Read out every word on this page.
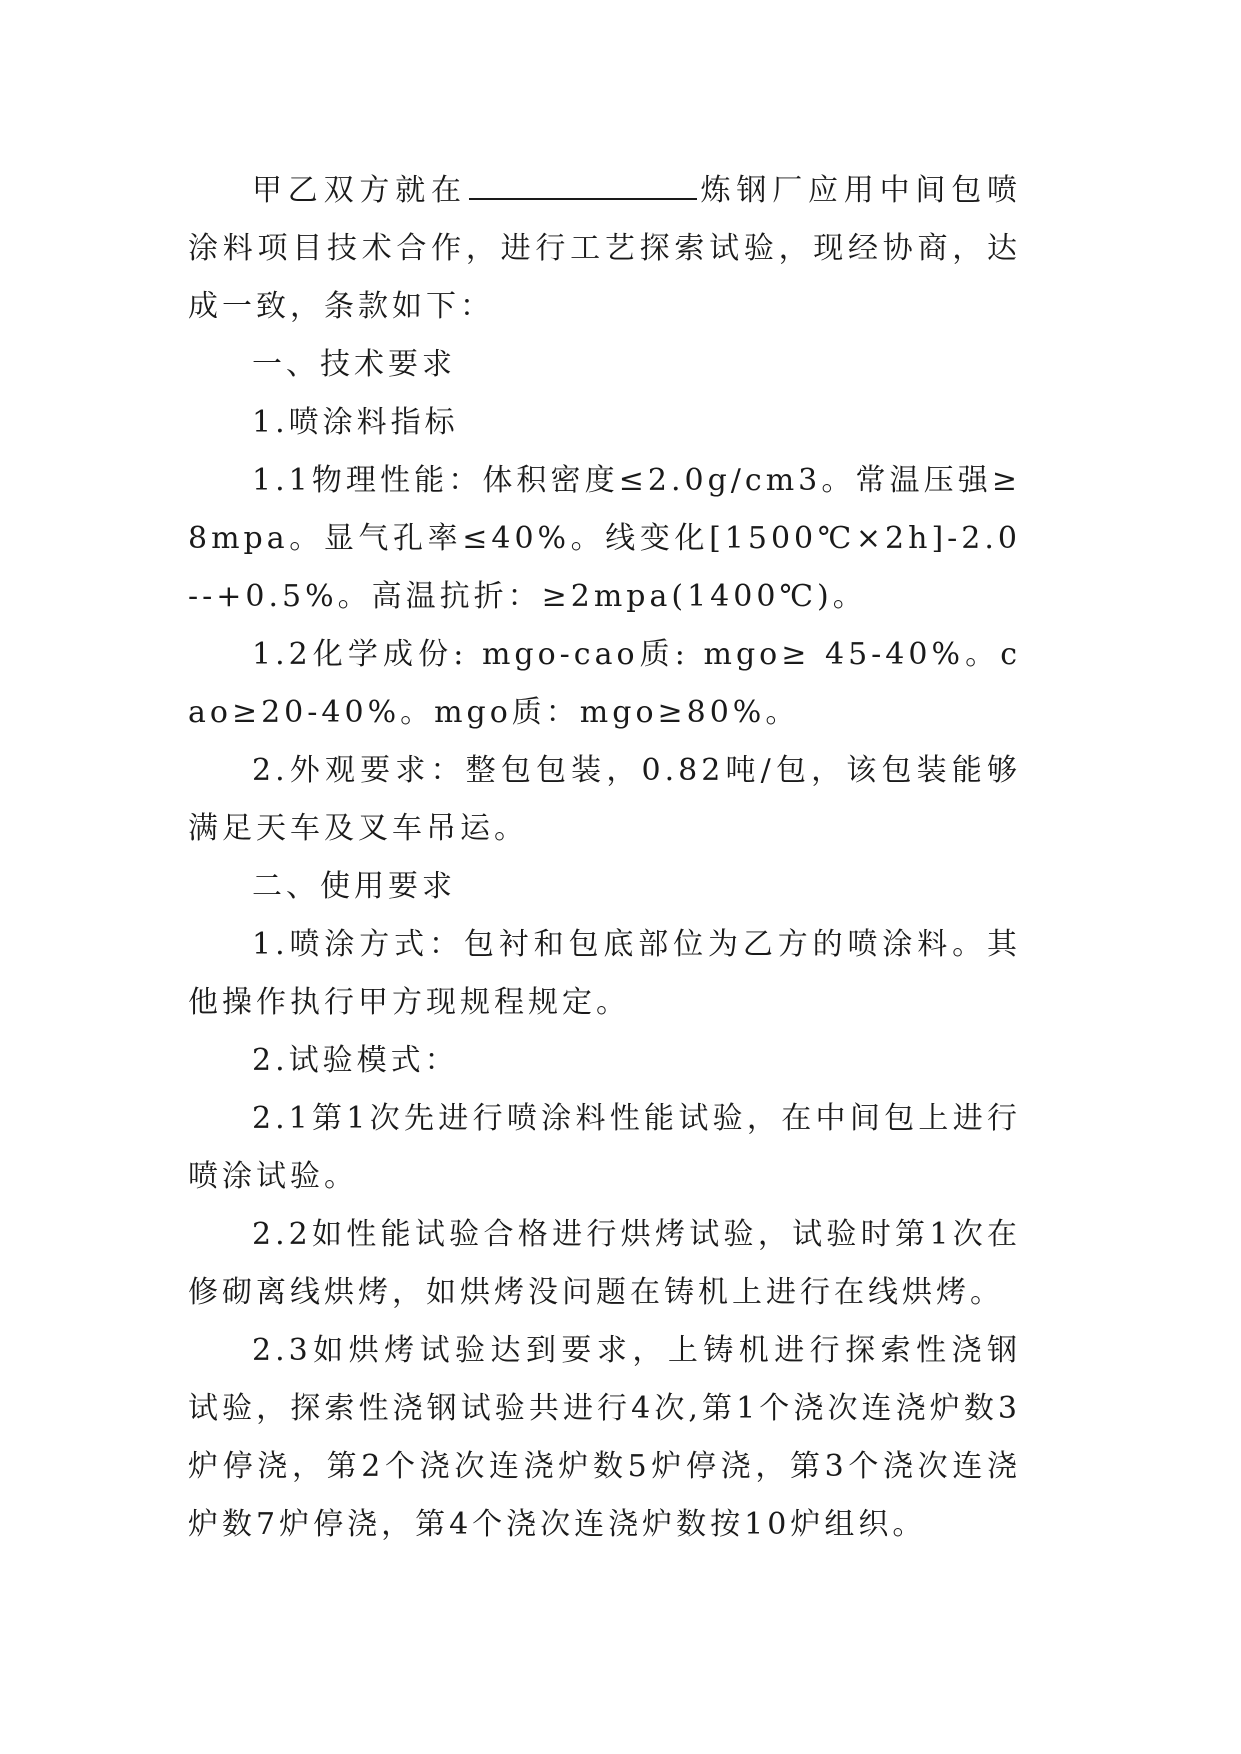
甲乙双方就在	炼钢厂应用中间包喷涂料项目技术合作，进行工艺探索试验，现经协商，达成一致，条款如下：

一、技术要求

1.喷涂料指标

1.1物理性能：体积密度≤2.0g/cm3。常温压强≥8mpa。显气孔率≤40%。线变化[1500℃×2h]-2.0--+0.5%。高温抗折：≥2mpa(1400℃)。

1.2化学成份: mgo-cao质: mgo≥ 45-40%。cao≥20-40%。mgo质：mgo≥80%。

2.外观要求：整包包装，0.82吨/包，该包装能够满足天车及叉车吊运。

二、使用要求

1.喷涂方式：包衬和包底部位为乙方的喷涂料。其他操作执行甲方现规程规定。

2.试验模式：

2.1第1次先进行喷涂料性能试验，在中间包上进行喷涂试验。

2.2如性能试验合格进行烘烤试验，试验时第1次在修砌离线烘烤，如烘烤没问题在铸机上进行在线烘烤。

2.3如烘烤试验达到要求，上铸机进行探索性浇钢试验，探索性浇钢试验共进行4次,第1个浇次连浇炉数3炉停浇，第2个浇次连浇炉数5炉停浇，第3个浇次连浇炉数7炉停浇，第4个浇次连浇炉数按10炉组织。
